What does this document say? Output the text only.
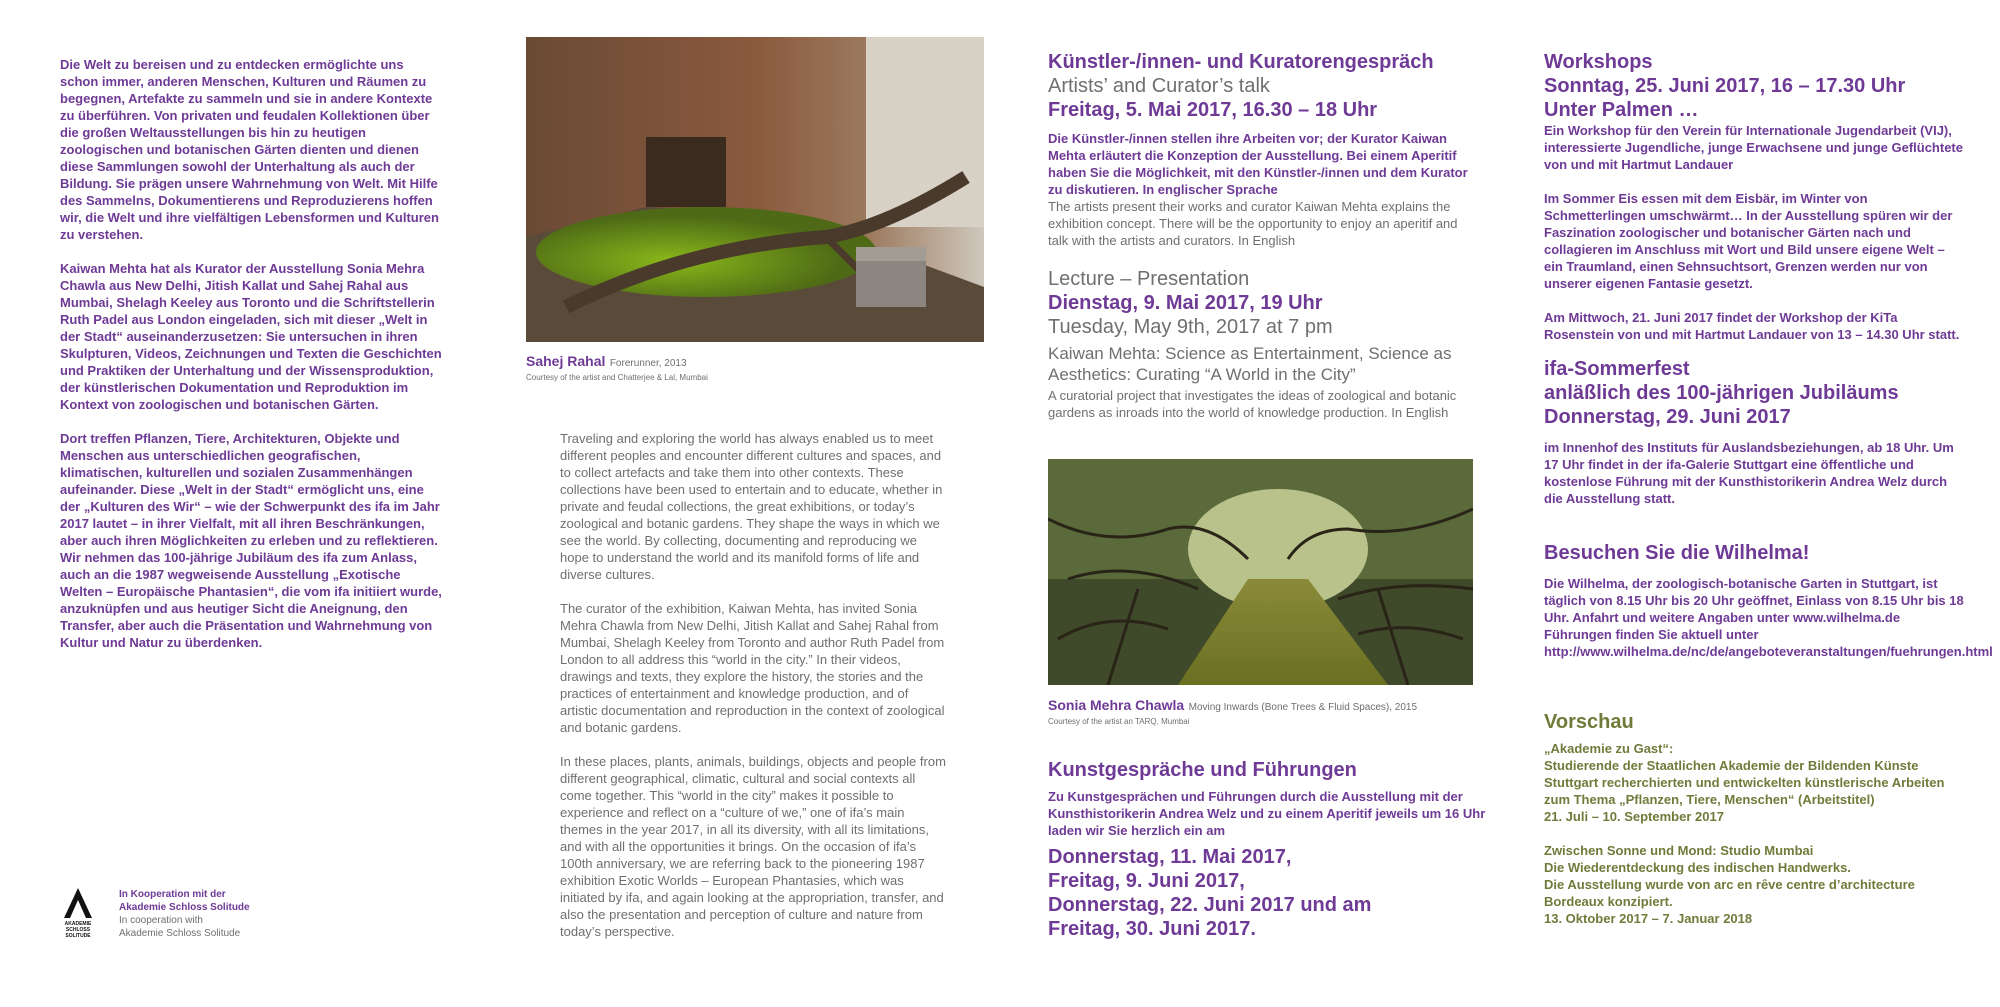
Die Welt zu bereisen und zu entdecken ermöglichte uns schon immer, anderen Menschen, Kulturen und Räumen zu begegnen, Artefakte zu sammeln und sie in andere Kontexte zu überführen. Von privaten und feudalen Kollektionen über die großen Weltausstellungen bis hin zu heutigen zoologischen und botanischen Gärten dienten und dienen diese Sammlungen sowohl der Unterhaltung als auch der Bildung. Sie prägen unsere Wahrnehmung von Welt. Mit Hilfe des Sammelns, Dokumentierens und Reproduzierens hoffen wir, die Welt und ihre vielfältigen Lebensformen und Kulturen zu verstehen.

Kaiwan Mehta hat als Kurator der Ausstellung Sonia Mehra Chawla aus New Delhi, Jitish Kallat und Sahej Rahal aus Mumbai, Shelagh Keeley aus Toronto und die Schriftstellerin Ruth Padel aus London eingeladen, sich mit dieser „Welt in der Stadt“ auseinanderzusetzen: Sie untersuchen in ihren Skulpturen, Videos, Zeichnungen und Texten die Geschichten und Praktiken der Unterhaltung und der Wissensproduktion, der künstlerischen Dokumentation und Reproduktion im Kontext von zoologischen und botanischen Gärten.

Dort treffen Pflanzen, Tiere, Architekturen, Objekte und Menschen aus unterschiedlichen geografischen, klimatischen, kulturellen und sozialen Zusammenhängen aufeinander. Diese „Welt in der Stadt“ ermöglicht uns, eine der „Kulturen des Wir“ – wie der Schwerpunkt des ifa im Jahr 2017 lautet – in ihrer Vielfalt, mit all ihren Beschränkungen, aber auch ihren Möglichkeiten zu erleben und zu reflektieren. Wir nehmen das 100-jährige Jubiläum des ifa zum Anlass, auch an die 1987 wegweisende Ausstellung „Exotische Welten – Europäische Phantasien“, die vom ifa initiiert wurde, anzuknüpfen und aus heutiger Sicht die Aneignung, den Transfer, aber auch die Präsentation und Wahrnehmung von Kultur und Natur zu überdenken.

AKADEMIE
SCHLOSS
SOLITUDE
In Kooperation mit der
Akademie Schloss Solitude
In cooperation with
Akademie Schloss Solitude
Sahej Rahal Forerunner, 2013
Courtesy of the artist and Chatterjee & Lal, Mumbai

Traveling and exploring the world has always enabled us to meet different peoples and encounter different cultures and spaces, and to collect artefacts and take them into other contexts. These collections have been used to entertain and to educate, whether in private and feudal collections, the great exhibitions, or today’s zoological and botanic gardens. They shape the ways in which we see the world. By collecting, documenting and reproducing we hope to understand the world and its manifold forms of life and diverse cultures.

The curator of the exhibition, Kaiwan Mehta, has invited Sonia Mehra Chawla from New Delhi, Jitish Kallat and Sahej Rahal from Mumbai, Shelagh Keeley from Toronto and author Ruth Padel from London to all address this “world in the city.” In their videos, drawings and texts, they explore the history, the stories and the practices of entertainment and knowledge production, and of artistic documentation and reproduction in the context of zoological and botanic gardens.

In these places, plants, animals, buildings, objects and people from different geographical, climatic, cultural and social contexts all come together. This “world in the city” makes it possible to experience and reflect on a “culture of we,” one of ifa’s main themes in the year 2017, in all its diversity, with all its limitations, and with all the opportunities it brings. On the occasion of ifa’s 100th anniversary, we are referring back to the pioneering 1987 exhibition Exotic Worlds – European Phantasies, which was initiated by ifa, and again looking at the appropriation, transfer, and also the presentation and perception of culture and nature from today’s perspective.

Künstler-/innen- und Kuratorengespräch
Artists’ and Curator’s talk
Freitag, 5. Mai 2017, 16.30 – 18 Uhr

Die Künstler-/innen stellen ihre Arbeiten vor; der Kurator Kaiwan Mehta erläutert die Konzeption der Ausstellung. Bei einem Aperitif haben Sie die Möglichkeit, mit den Künstler-/innen und dem Kurator zu diskutieren. In englischer Sprache

The artists present their works and curator Kaiwan Mehta explains the exhibition concept. There will be the opportunity to enjoy an aperitif and talk with the artists and curators. In English

Lecture – Presentation
Dienstag, 9. Mai 2017, 19 Uhr
Tuesday, May 9th, 2017 at 7 pm
Kaiwan Mehta: Science as Entertainment, Science as Aesthetics: Curating “A World in the City”

A curatorial project that investigates the ideas of zoological and botanic gardens as inroads into the world of knowledge production. In English

Sonia Mehra Chawla Moving Inwards (Bone Trees & Fluid Spaces), 2015
Courtesy of the artist an TARQ, Mumbai
Kunstgespräche und Führungen

Zu Kunstgesprächen und Führungen durch die Ausstellung mit der Kunsthistorikerin Andrea Welz und zu einem Aperitif jeweils um 16 Uhr laden wir Sie herzlich ein am

Donnerstag, 11. Mai 2017,
Freitag, 9. Juni 2017,
Donnerstag, 22. Juni 2017 und am
Freitag, 30. Juni 2017.
Workshops
Sonntag, 25. Juni 2017, 16 – 17.30 Uhr
Unter Palmen …

Ein Workshop für den Verein für Internationale Jugendarbeit (VIJ), interessierte Jugendliche, junge Erwachsene und junge Geflüchtete von und mit Hartmut Landauer

Im Sommer Eis essen mit dem Eisbär, im Winter von Schmetterlingen umschwärmt… In der Ausstellung spüren wir der Faszination zoologischer und botanischer Gärten nach und collagieren im Anschluss mit Wort und Bild unsere eigene Welt – ein Traumland, einen Sehnsuchtsort, Grenzen werden nur von unserer eigenen Fantasie gesetzt.

Am Mittwoch, 21. Juni 2017 findet der Workshop der KiTa Rosenstein von und mit Hartmut Landauer von 13 – 14.30 Uhr statt.

ifa-Sommerfest
anläßlich des 100-jährigen Jubiläums
Donnerstag, 29. Juni 2017

im Innenhof des Instituts für Auslandsbeziehungen, ab 18 Uhr. Um 17 Uhr findet in der ifa-Galerie Stuttgart eine öffentliche und kostenlose Führung mit der Kunsthistorikerin Andrea Welz durch die Ausstellung statt.

Besuchen Sie die Wilhelma!

Die Wilhelma, der zoologisch-botanische Garten in Stuttgart, ist täglich von 8.15 Uhr bis 20 Uhr geöffnet, Einlass von 8.15 Uhr bis 18 Uhr. Anfahrt und weitere Angaben unter www.wilhelma.de Führungen finden Sie aktuell unter http://www.wilhelma.de/nc/de/angeboteveranstaltungen/fuehrungen.html

Vorschau

„Akademie zu Gast“:
Studierende der Staatlichen Akademie der Bildenden Künste Stuttgart recherchierten und entwickelten künstlerische Arbeiten zum Thema „Pflanzen, Tiere, Menschen“ (Arbeitstitel)
21. Juli – 10. September 2017

Zwischen Sonne und Mond: Studio Mumbai
Die Wiederentdeckung des indischen Handwerks.
Die Ausstellung wurde von arc en rêve centre d’architecture Bordeaux konzipiert.
13. Oktober 2017 – 7. Januar 2018
